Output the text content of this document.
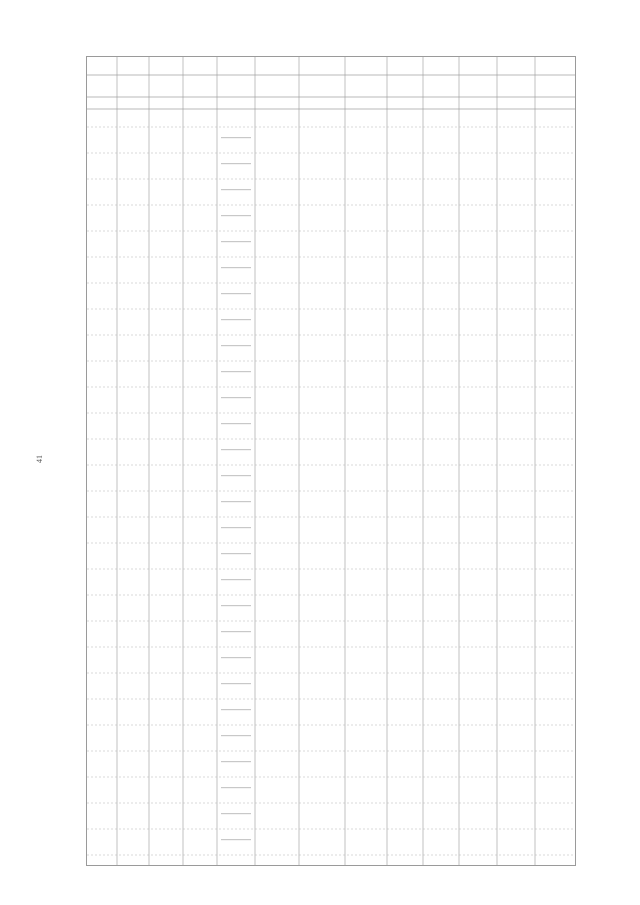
41
